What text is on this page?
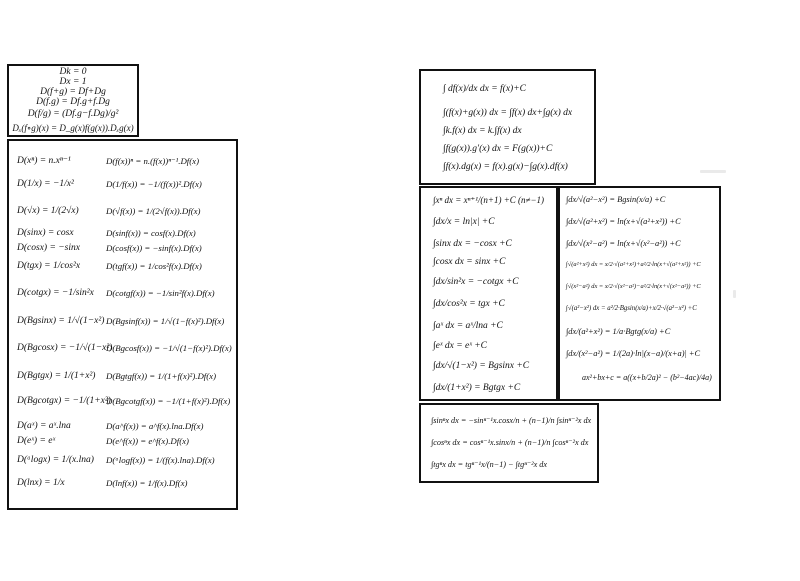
Dk = 0
Dx = 1
D(f+g) = Df+Dg
D(f.g) = Df.g+f.Dg
D(f/g) = (Df.g−f.Dg)/g²
Dₓ(f∘g)(x) = D_g(x)f(g(x)).Dₓg(x)
D(xⁿ) = n.xⁿ⁻¹
D(1/x) = −1/x²
D(√x) = 1/(2√x)
D(sinx) = cosx
D(cosx) = −sinx
D(tgx) = 1/cos²x
D(cotgx) = −1/sin²x
D(Bgsinx) = 1/√(1−x²)
D(Bgcosx) = −1/√(1−x²)
D(Bgtgx) = 1/(1+x²)
D(Bgcotgx) = −1/(1+x²)
D(aˣ) = aˣ.lna
D(eˣ) = eˣ
D(ᵃlogx) = 1/(x.lna)
D(lnx) = 1/x
D(f(x))ⁿ = n.(f(x))ⁿ⁻¹.Df(x)
D(1/f(x)) = −1/(f(x))².Df(x)
D(√f(x)) = 1/(2√f(x)).Df(x)
D(sinf(x)) = cosf(x).Df(x)
D(cosf(x)) = −sinf(x).Df(x)
D(tgf(x)) = 1/cos²f(x).Df(x)
D(cotgf(x)) = −1/sin²f(x).Df(x)
D(Bgsinf(x)) = 1/√(1−f(x)²).Df(x)
D(Bgcosf(x)) = −1/√(1−f(x)²).Df(x)
D(Bgtgf(x)) = 1/(1+f(x)²).Df(x)
D(Bgcotgf(x)) = −1/(1+f(x)²).Df(x)
D(a^f(x)) = a^f(x).lna.Df(x)
D(e^f(x)) = e^f(x).Df(x)
D(ᵃlogf(x)) = 1/(f(x).lna).Df(x)
D(lnf(x)) = 1/f(x).Df(x)
∫ df(x)/dx dx = f(x)+C
∫(f(x)+g(x)) dx = ∫f(x) dx+∫g(x) dx
∫k.f(x) dx = k.∫f(x) dx
∫f(g(x)).g′(x) dx = F(g(x))+C
∫f(x).dg(x) = f(x).g(x)−∫g(x).df(x)
∫xⁿ dx = xⁿ⁺¹/(n+1) +C (n≠−1)
∫dx/x = ln|x| +C
∫sinx dx = −cosx +C
∫cosx dx = sinx +C
∫dx/sin²x = −cotgx +C
∫dx/cos²x = tgx +C
∫aˣ dx = aˣ/lna +C
∫eˣ dx = eˣ +C
∫dx/√(1−x²) = Bgsinx +C
∫dx/(1+x²) = Bgtgx +C
∫dx/√(a²−x²) = Bgsin(x/a) +C
∫dx/√(a²+x²) = ln(x+√(a²+x²)) +C
∫dx/√(x²−a²) = ln(x+√(x²−a²)) +C
∫√(a²+x²) dx = x/2·√(a²+x²)+a²/2·ln(x+√(a²+x²)) +C
∫√(x²−a²) dx = x/2·√(x²−a²)−a²/2·ln(x+√(x²−a²)) +C
∫√(a²−x²) dx = a²/2·Bgsin(x/a)+x/2·√(a²−x²) +C
∫dx/(a²+x²) = 1/a·Bgtg(x/a) +C
∫dx/(x²−a²) = 1/(2a)·ln|(x−a)/(x+a)| +C
ax²+bx+c = a((x+b/2a)² − (b²−4ac)/4a)
∫sinⁿx dx = −sinⁿ⁻¹x.cosx/n + (n−1)/n ∫sinⁿ⁻²x dx
∫cosⁿx dx = cosⁿ⁻¹x.sinx/n + (n−1)/n ∫cosⁿ⁻²x dx
∫tgⁿx dx = tgⁿ⁻¹x/(n−1) − ∫tgⁿ⁻²x dx
